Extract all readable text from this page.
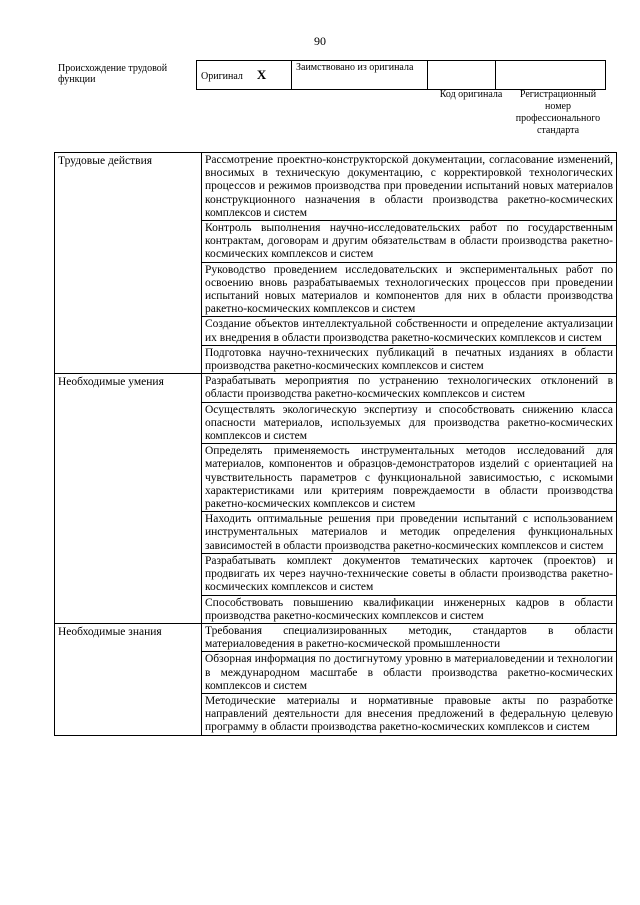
90
Происхождение трудовой функции	Оригинал X	Заимствовано из оригинала		
Код оригинала	Регистрационный номер профессионального стандарта
Трудовые действия	Рассмотрение проектно-конструкторской документации, согласование изменений, вносимых в техническую документацию, с корректировкой технологических процессов и режимов производства при проведении испытаний новых материалов конструкционного назначения в области производства ракетно-космических комплексов и систем
	Контроль выполнения научно-исследовательских работ по государственным контрактам, договорам и другим обязательствам в области производства ракетно-космических комплексов и систем
	Руководство проведением исследовательских и экспериментальных работ по освоению вновь разрабатываемых технологических процессов при проведении испытаний новых материалов и компонентов для них в области производства ракетно-космических комплексов и систем
	Создание объектов интеллектуальной собственности и определение актуализации их внедрения в области производства ракетно-космических комплексов и систем
	Подготовка научно-технических публикаций в печатных изданиях в области производства ракетно-космических комплексов и систем
Необходимые умения	Разрабатывать мероприятия по устранению технологических отклонений в области производства ракетно-космических комплексов и систем
	Осуществлять экологическую экспертизу и способствовать снижению класса опасности материалов, используемых для производства ракетно-космических комплексов и систем
	Определять применяемость инструментальных методов исследований для материалов, компонентов и образцов-демонстраторов изделий с ориентацией на чувствительность параметров с функциональной зависимостью, с искомыми характеристиками или критериям повреждаемости в области производства ракетно-космических комплексов и систем
	Находить оптимальные решения при проведении испытаний с использованием инструментальных материалов и методик определения функциональных зависимостей в области производства ракетно-космических комплексов и систем
	Разрабатывать комплект документов тематических карточек (проектов) и продвигать их через научно-технические советы в области производства ракетно-космических комплексов и систем
	Способствовать повышению квалификации инженерных кадров в области производства ракетно-космических комплексов и систем
Необходимые знания	Требования специализированных методик, стандартов в области материаловедения в ракетно-космической промышленности
	Обзорная информация по достигнутому уровню в материаловедении и технологии в международном масштабе в области производства ракетно-космических комплексов и систем
	Методические материалы и нормативные правовые акты по разработке направлений деятельности для внесения предложений в федеральную целевую программу в области производства ракетно-космических комплексов и систем
